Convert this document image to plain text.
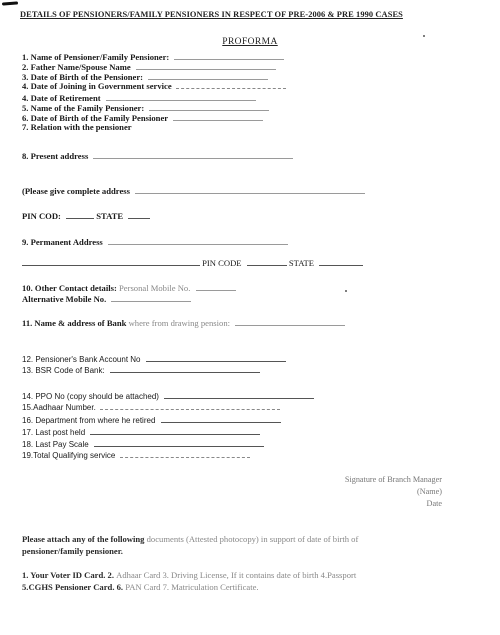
DETAILS OF PENSIONERS/FAMILY PENSIONERS IN RESPECT OF PRE-2006 & PRE 1990 CASES
PROFORMA
1. Name of Pensioner/Family Pensioner:
2. Father Name/Spouse Name
3. Date of Birth of the Pensioner:
4. Date of Joining in Government service
4. Date of Retirement
5. Name of the Family Pensioner:
6. Date of Birth of the Family Pensioner
7. Relation with the pensioner
8. Present address
(Please give complete address
PIN COD:	STATE
9. Permanent Address
PIN CODE	STATE
10. Other Contact details: Personal Mobile No.
Alternative Mobile No.
11. Name & address of Bank where from drawing pension:
12. Pensioner's Bank Account No
13. BSR Code of Bank:
14. PPO No (copy should be attached)
15.Aadhaar Number.
16. Department from where he retired
17. Last post held
18. Last Pay Scale
19.Total Qualifying service
Signature of Branch Manager
(Name)
Date
Please attach any of the following documents (Attested photocopy) in support of date of birth of
pensioner/family pensioner.
1. Your Voter ID Card. 2. Adhaar Card 3. Driving License, If it contains date of birth 4.Passport
5.CGHS Pensioner Card. 6. PAN Card 7. Matriculation Certificate.
